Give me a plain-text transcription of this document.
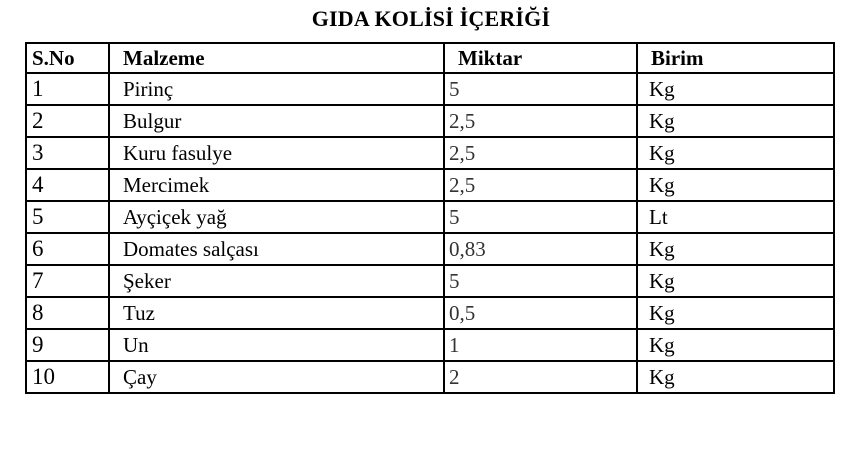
GIDA KOLİSİ İÇERİĞİ
S.No	Malzeme	Miktar	Birim
1	Pirinç	5	Kg
2	Bulgur	2,5	Kg
3	Kuru fasulye	2,5	Kg
4	Mercimek	2,5	Kg
5	Ayçiçek yağ	5	Lt
6	Domates salçası	0,83	Kg
7	Şeker	5	Kg
8	Tuz	0,5	Kg
9	Un	1	Kg
10	Çay	2	Kg
